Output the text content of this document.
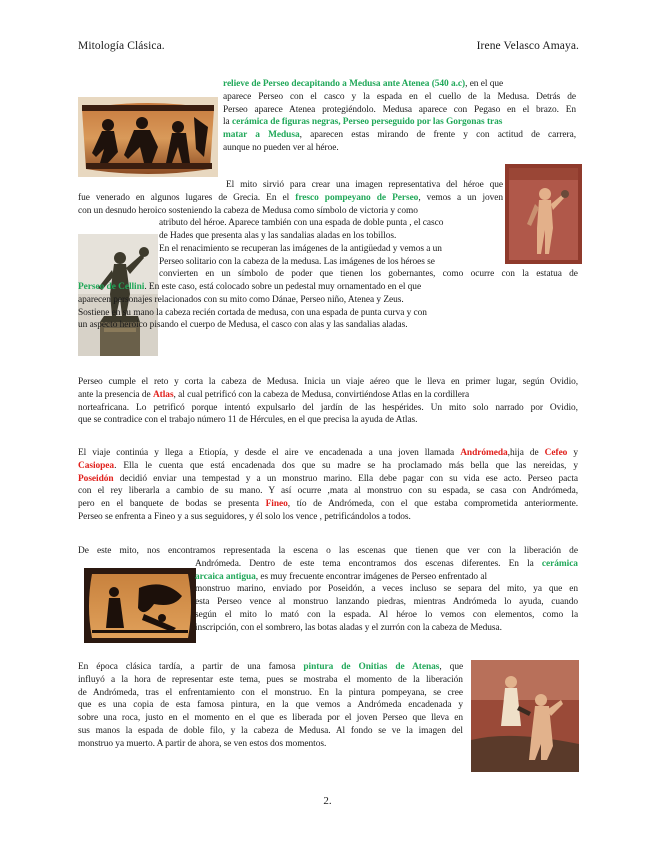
Mitología Clásica.	Irene Velasco Amaya.
relieve de Perseo decapitando a Medusa ante Atenea (540 a.c), en el que
aparece Perseo con el casco y la espada en el cuello de la Medusa. Detrás de
Perseo aparece Atenea protegiéndolo. Medusa aparece con Pegaso en el brazo. En
la cerámica de figuras negras, Perseo perseguido por las Gorgonas tras
matar a Medusa, aparecen estas mirando de frente y con actitud de carrera,
aunque no pueden ver al héroe.
El mito sirvió para crear una imagen representativa del héroe que
fue venerado en algunos lugares de Grecia. En el fresco pompeyano de Perseo, vemos a un joven
con un desnudo heroico sosteniendo la cabeza de Medusa como símbolo de victoria y como
atributo del héroe. Aparece también con una espada de doble punta , el casco
de Hades que presenta alas y las sandalias aladas en los tobillos.
En el renacimiento se recuperan las imágenes de la antigüedad y vemos a un
Perseo solitario con la cabeza de la medusa. Las imágenes de los héroes se
convierten en un símbolo de poder que tienen los gobernantes, como ocurre con la estatua de
Perseo de Cellini. En este caso, está colocado sobre un pedestal muy ornamentado en el que
aparecen personajes relacionados con su mito como Dánae, Perseo niño, Atenea y Zeus.
Sostiene en su mano la cabeza recién cortada de medusa, con una espada de punta curva y con
un aspecto heroico pisando el cuerpo de Medusa, el casco con alas y las sandalias aladas.
Perseo cumple el reto y corta la cabeza de Medusa. Inicia un viaje aéreo que le lleva en primer lugar, según Ovidio,
ante la presencia de Atlas, al cual petrificó con la cabeza de Medusa, convirtiéndose Atlas en la cordillera
norteafricana. Lo petrificó porque intentó expulsarlo del jardín de las hespérides. Un mito solo narrado por Ovidio,
que se contradice con el trabajo número 11 de Hércules, en el que precisa la ayuda de Atlas.
El viaje continúa y llega a Etiopía, y desde el aire ve encadenada a una joven llamada Andrómeda,hija de Cefeo y
Casiopea. Ella le cuenta que está encadenada dos que su madre se ha proclamado más bella que las nereidas, y
Poseidón decidió enviar una tempestad y a un monstruo marino. Ella debe pagar con su vida ese acto. Perseo pacta
con el rey liberarla a cambio de su mano. Y así ocurre ,mata al monstruo con su espada, se casa con Andrómeda,
pero en el banquete de bodas se presenta Fineo, tío de Andrómeda, con el que estaba comprometida anteriormente.
Perseo se enfrenta a Fineo y a sus seguidores, y él solo los vence , petrificándolos a todos.
De este mito, nos encontramos representada la escena o las escenas que tienen que ver con la liberación de
Andrómeda. Dentro de este tema encontramos dos escenas diferentes. En la cerámica
arcaica antigua, es muy frecuente encontrar imágenes de Perseo enfrentado al
monstruo marino, enviado por Poseidón, a veces incluso se separa del mito, ya que en
esta Perseo vence al monstruo lanzando piedras, mientras Andrómeda lo ayuda, cuando
según el mito lo mató con la espada. Al héroe lo vemos con elementos, como la
inscripción, con el sombrero, las botas aladas y el zurrón con la cabeza de Medusa.
En época clásica tardía, a partir de una famosa pintura de Onitias de Atenas, que
influyó a la hora de representar este tema, pues se mostraba el momento de la liberación
de Andrómeda, tras el enfrentamiento con el monstruo. En la pintura pompeyana, se cree
que es una copia de esta famosa pintura, en la que vemos a Andrómeda encadenada y
sobre una roca, justo en el momento en el que es liberada por el joven Perseo que lleva en
sus manos la espada de doble filo, y la cabeza de Medusa. Al fondo se ve la imagen del
monstruo ya muerto. A partir de ahora, se ven estos dos momentos.
2.
